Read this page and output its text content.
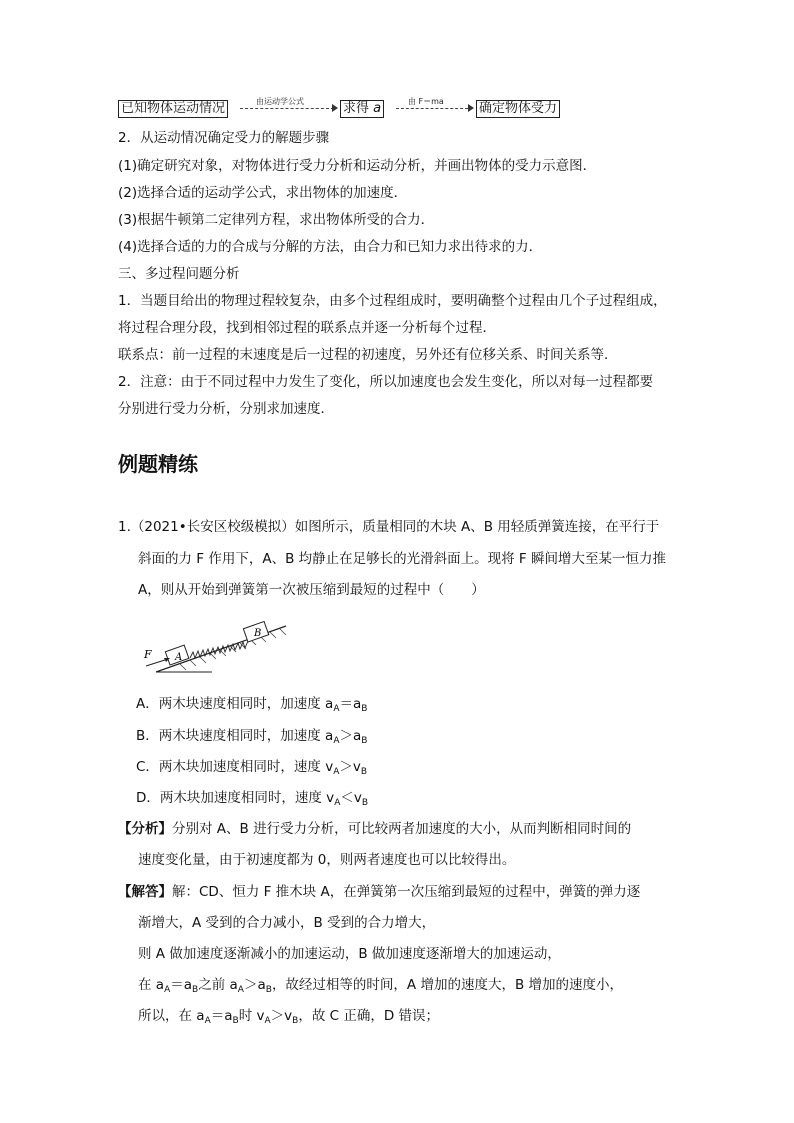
已知物体运动情况	由运动学公式	求得 a	由 F＝ma	确定物体受力
2．从运动情况确定受力的解题步骤
(1)确定研究对象，对物体进行受力分析和运动分析，并画出物体的受力示意图．
(2)选择合适的运动学公式，求出物体的加速度．
(3)根据牛顿第二定律列方程，求出物体所受的合力．
(4)选择合适的力的合成与分解的方法，由合力和已知力求出待求的力．
三、多过程问题分析
1．当题目给出的物理过程较复杂，由多个过程组成时，要明确整个过程由几个子过程组成，
将过程合理分段，找到相邻过程的联系点并逐一分析每个过程．
联系点：前一过程的末速度是后一过程的初速度，另外还有位移关系、时间关系等．
2．注意：由于不同过程中力发生了变化，所以加速度也会发生变化，所以对每一过程都要
分别进行受力分析，分别求加速度．
例题精练
1.（2021•长安区校级模拟）如图所示，质量相同的木块 A、B 用轻质弹簧连接，在平行于
斜面的力 F 作用下，A、B 均静止在足够长的光滑斜面上。现将 F 瞬间增大至某一恒力推
A，则从开始到弹簧第一次被压缩到最短的过程中（　　）
F A
B
A．两木块速度相同时，加速度 $a_A=a_B$
B．两木块速度相同时，加速度 $a_A>a_B$
C．两木块加速度相同时，速度 $v_A>v_B$
D．两木块加速度相同时，速度 $v_A<v_B$
【分析】分别对 A、B 进行受力分析，可比较两者加速度的大小，从而判断相同时间的
速度变化量，由于初速度都为 0，则两者速度也可以比较得出。
【解答】解：CD、恒力 F 推木块 A，在弹簧第一次压缩到最短的过程中，弹簧的弹力逐
渐增大，A 受到的合力减小，B 受到的合力增大，
则 A 做加速度逐渐减小的加速运动，B 做加速度逐渐增大的加速运动，
在 $a_A=a_B$之前 $a_A>a_B$，故经过相等的时间，A 增加的速度大，B 增加的速度小，
所以，在 $a_A=a_B$时 $v_A>v_B$，故 C 正确，D 错误；
